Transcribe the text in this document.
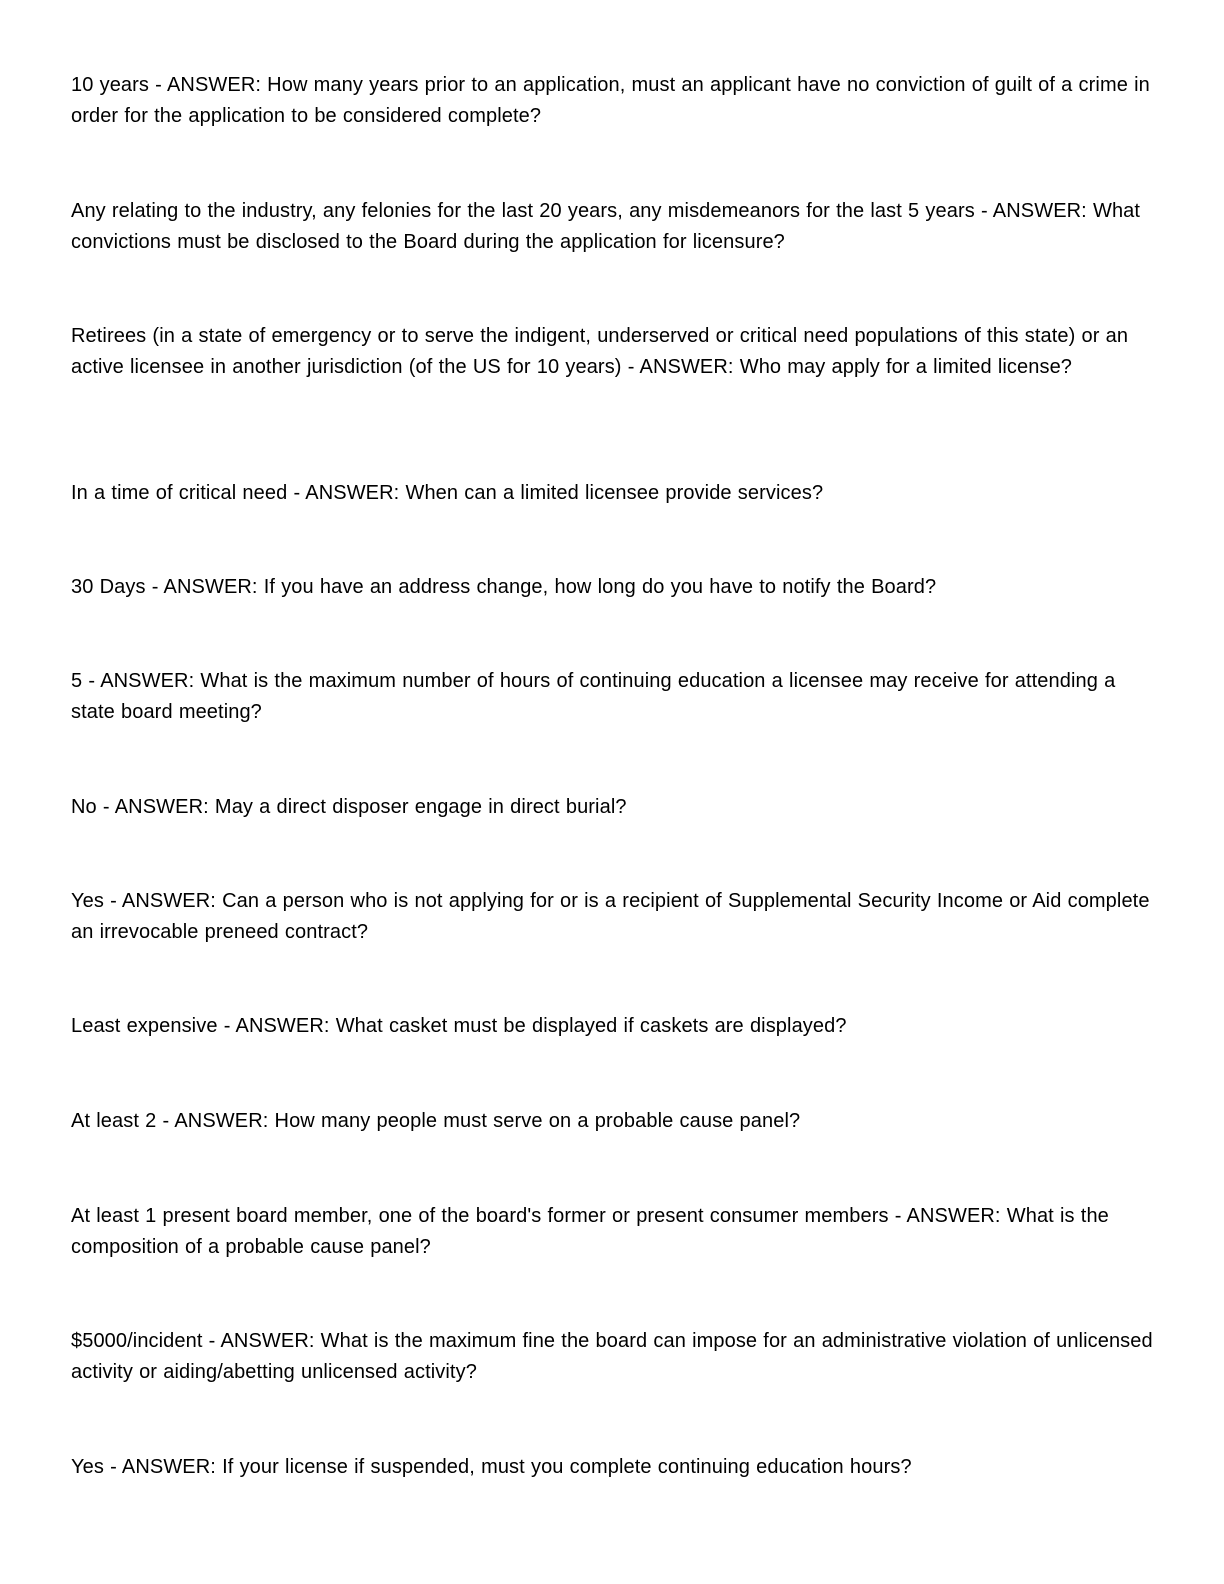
10 years - ANSWER: How many years prior to an application, must an applicant have no conviction of guilt of a crime in order for the application to be considered complete?

Any relating to the industry, any felonies for the last 20 years, any misdemeanors for the last 5 years - ANSWER: What convictions must be disclosed to the Board during the application for licensure?

Retirees (in a state of emergency or to serve the indigent, underserved or critical need populations of this state) or an active licensee in another jurisdiction (of the US for 10 years) - ANSWER: Who may apply for a limited license?

In a time of critical need - ANSWER: When can a limited licensee provide services?

30 Days - ANSWER: If you have an address change, how long do you have to notify the Board?

5 - ANSWER: What is the maximum number of hours of continuing education a licensee may receive for attending a state board meeting?

No - ANSWER: May a direct disposer engage in direct burial?

Yes - ANSWER: Can a person who is not applying for or is a recipient of Supplemental Security Income or Aid complete an irrevocable preneed contract?

Least expensive - ANSWER: What casket must be displayed if caskets are displayed?

At least 2 - ANSWER: How many people must serve on a probable cause panel?

At least 1 present board member, one of the board's former or present consumer members - ANSWER: What is the composition of a probable cause panel?

$5000/incident - ANSWER: What is the maximum fine the board can impose for an administrative violation of unlicensed activity or aiding/abetting unlicensed activity?

Yes - ANSWER: If your license if suspended, must you complete continuing education hours?
